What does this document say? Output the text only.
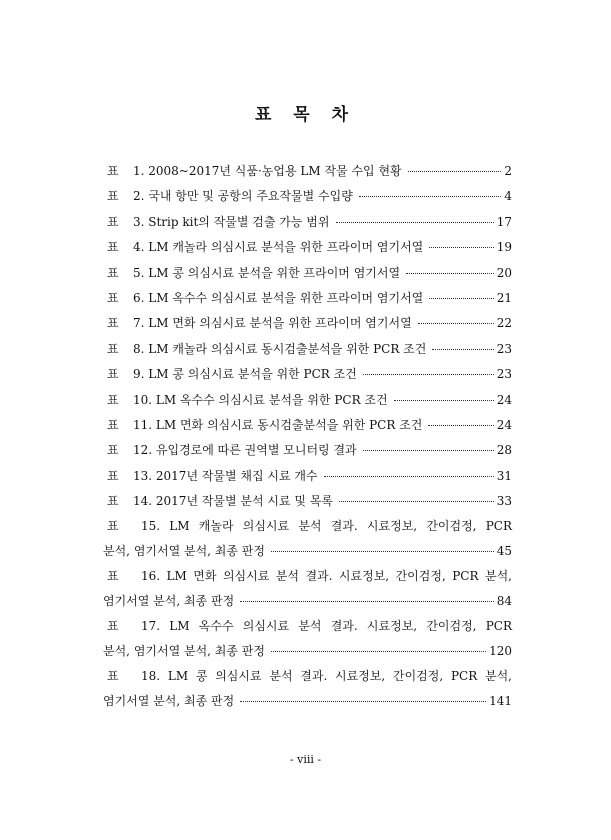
표 목 차
표	1. 2008~2017년 식품·농업용 LM 작물 수입 현황	2
표	2. 국내 항만 및 공항의 주요작물별 수입량	4
표	3. Strip kit의 작물별 검출 가능 범위	17
표	4. LM 캐놀라 의심시료 분석을 위한 프라이머 염기서열	19
표	5. LM 콩 의심시료 분석을 위한 프라이머 염기서열	20
표	6. LM 옥수수 의심시료 분석을 위한 프라이머 염기서열	21
표	7. LM 면화 의심시료 분석을 위한 프라이머 염기서열	22
표	8. LM 캐놀라 의심시료 동시검출분석을 위한 PCR 조건	23
표	9. LM 콩 의심시료 분석을 위한 PCR 조건	23
표	10. LM 옥수수 의심시료 분석을 위한 PCR 조건	24
표	11. LM 면화 의심시료 동시검출분석을 위한 PCR 조건	24
표	12. 유입경로에 따른 권역별 모니터링 결과	28
표	13. 2017년 작물별 채집 시료 개수	31
표	14. 2017년 작물별 분석 시료 및 목록	33
표	15. LM 캐놀라 의심시료 분석 결과. 시료정보, 간이검정, PCR
분석, 염기서열 분석, 최종 판정	45
표	16. LM 면화 의심시료 분석 결과. 시료정보, 간이검정, PCR 분석,
염기서열 분석, 최종 판정	84
표	17. LM 옥수수 의심시료 분석 결과. 시료정보, 간이검정, PCR
분석, 염기서열 분석, 최종 판정	120
표	18. LM 콩 의심시료 분석 결과. 시료정보, 간이검정, PCR 분석,
염기서열 분석, 최종 판정	141
- viii -
